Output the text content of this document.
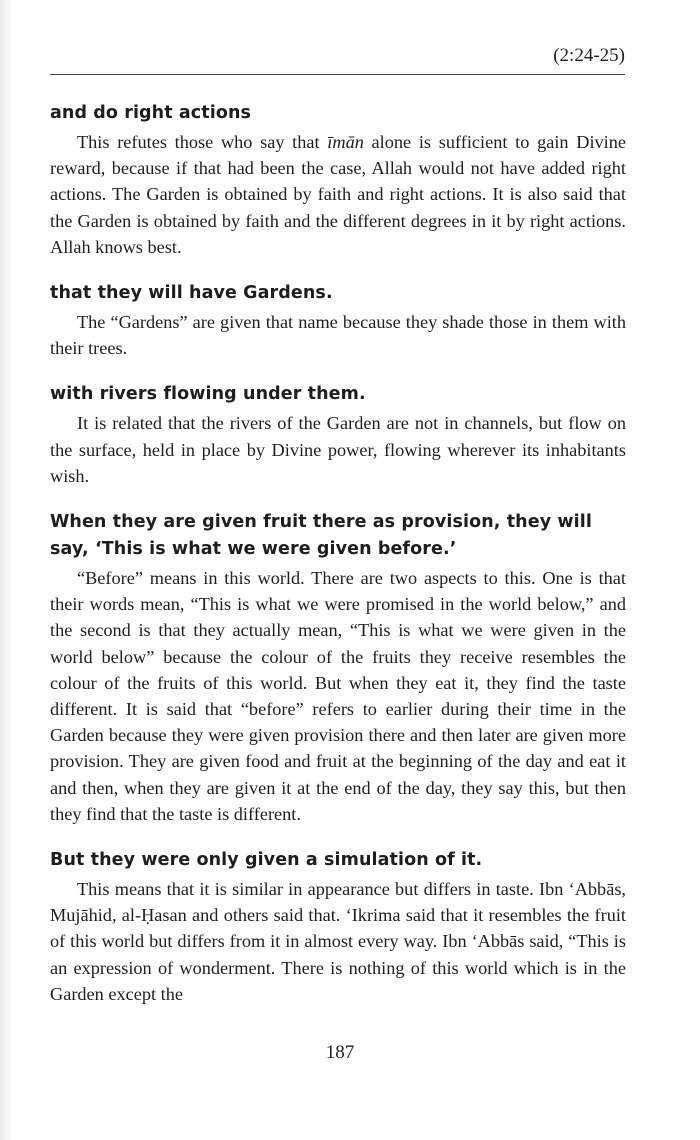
(2:24-25)
and do right actions

This refutes those who say that īmān alone is sufficient to gain Divine reward, because if that had been the case, Allah would not have added right actions. The Garden is obtained by faith and right actions. It is also said that the Garden is obtained by faith and the different degrees in it by right actions. Allah knows best.

that they will have Gardens.

The “Gardens” are given that name because they shade those in them with their trees.

with rivers flowing under them.

It is related that the rivers of the Garden are not in channels, but flow on the surface, held in place by Divine power, flowing wherever its inhabitants wish.

When they are given fruit there as provision, they will say, ‘This is what we were given before.’

“Before” means in this world. There are two aspects to this. One is that their words mean, “This is what we were promised in the world below,” and the second is that they actually mean, “This is what we were given in the world below” because the colour of the fruits they receive resembles the colour of the fruits of this world. But when they eat it, they find the taste different. It is said that “before” refers to earlier during their time in the Garden because they were given provision there and then later are given more provision. They are given food and fruit at the beginning of the day and eat it and then, when they are given it at the end of the day, they say this, but then they find that the taste is different.

But they were only given a simulation of it.

This means that it is similar in appearance but differs in taste. Ibn ‘Abbās, Mujāhid, al-Ḥasan and others said that. ‘Ikrima said that it resembles the fruit of this world but differs from it in almost every way. Ibn ‘Abbās said, “This is an expression of wonderment. There is nothing of this world which is in the Garden except the

187
